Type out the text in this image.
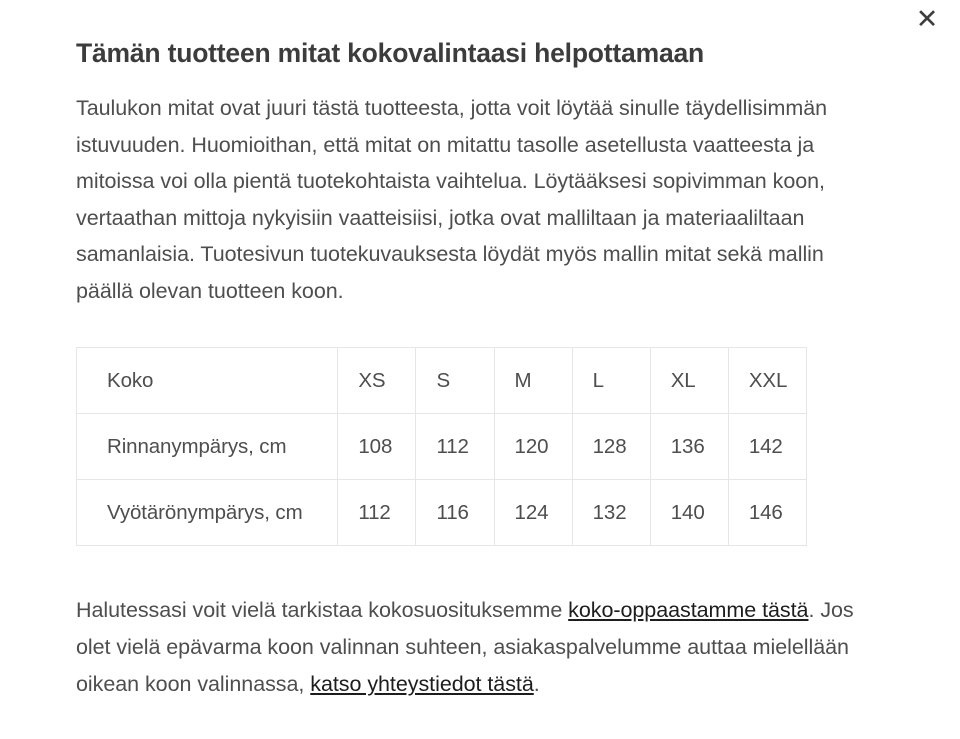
✕
Tämän tuotteen mitat kokovalintaasi helpottamaan

Taulukon mitat ovat juuri tästä tuotteesta, jotta voit löytää sinulle täydellisimmän istuvuuden. Huomioithan, että mitat on mitattu tasolle asetellusta vaatteesta ja mitoissa voi olla pientä tuotekohtaista vaihtelua. Löytääksesi sopivimman koon, vertaathan mittoja nykyisiin vaatteisiisi, jotka ovat malliltaan ja materiaaliltaan samanlaisia. Tuotesivun tuotekuvauksesta löydät myös mallin mitat sekä mallin päällä olevan tuotteen koon.

Koko	XS	S	M	L	XL	XXL
Rinnanympärys, cm	108	112	120	128	136	142
Vyötärönympärys, cm	112	116	124	132	140	146

Halutessasi voit vielä tarkistaa kokosuosituksemme koko-oppaastamme tästä. Jos olet vielä epävarma koon valinnan suhteen, asiakaspalvelumme auttaa mielellään oikean koon valinnassa, katso yhteystiedot tästä.
